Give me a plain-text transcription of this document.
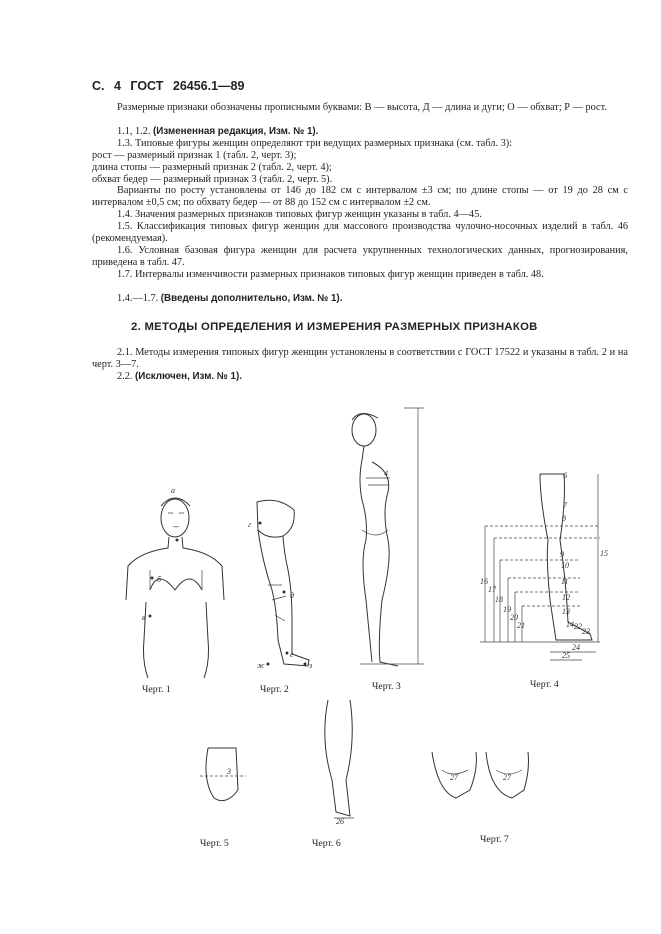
С. 4 ГОСТ 26456.1—89
Размерные признаки обозначены прописными буквами: В — высота, Д — длина и дуги; О — обхват; Р — рост.
1.1, 1.2. (Измененная редакция, Изм. № 1).
1.3. Типовые фигуры женщин определяют три ведущих размерных признака (см. табл. 3):
рост — размерный признак 1 (табл. 2, черт. 3);
длина стопы — размерный признак 2 (табл. 2, черт. 4);
обхват бедер — размерный признак 3 (табл. 2, черт. 5).
Варианты по росту установлены от 146 до 182 см с интервалом ±3 см; по длине стопы — от 19 до 28 см с интервалом ±0,5 см; по обхвату бедер — от 88 до 152 см с интервалом ±2 см.
1.4. Значения размерных признаков типовых фигур женщин указаны в табл. 4—45.
1.5. Классификация типовых фигур женщин для массового производства чулочно-носочных изделий в табл. 46 (рекомендуемая).
1.6. Условная базовая фигура женщин для расчета укрупненных технологических данных, прогнозирования, приведена в табл. 47.
1.7. Интервалы изменчивости размерных признаков типовых фигур женщин приведен в табл. 48.
1.4.—1.7. (Введены дополнительно, Изм. № 1).
2. МЕТОДЫ ОПРЕДЕЛЕНИЯ И ИЗМЕРЕНИЯ РАЗМЕРНЫХ ПРИЗНАКОВ
2.1. Методы измерения типовых фигур женщин установлены в соответствии с ГОСТ 17522 и указаны в табл. 2 и на черт. 3—7.
2.2. (Исключен, Изм. № 1).
а
б
в
г
д
е
ж	з
4	6
7
8
9
10
11
12
13
14
15
16
17
18
19
20
21	22
23
24
25
3
26
27	27
Черт. 1	Черт. 2	Черт. 3	Черт. 4
Черт. 5	Черт. 6	Черт. 7
